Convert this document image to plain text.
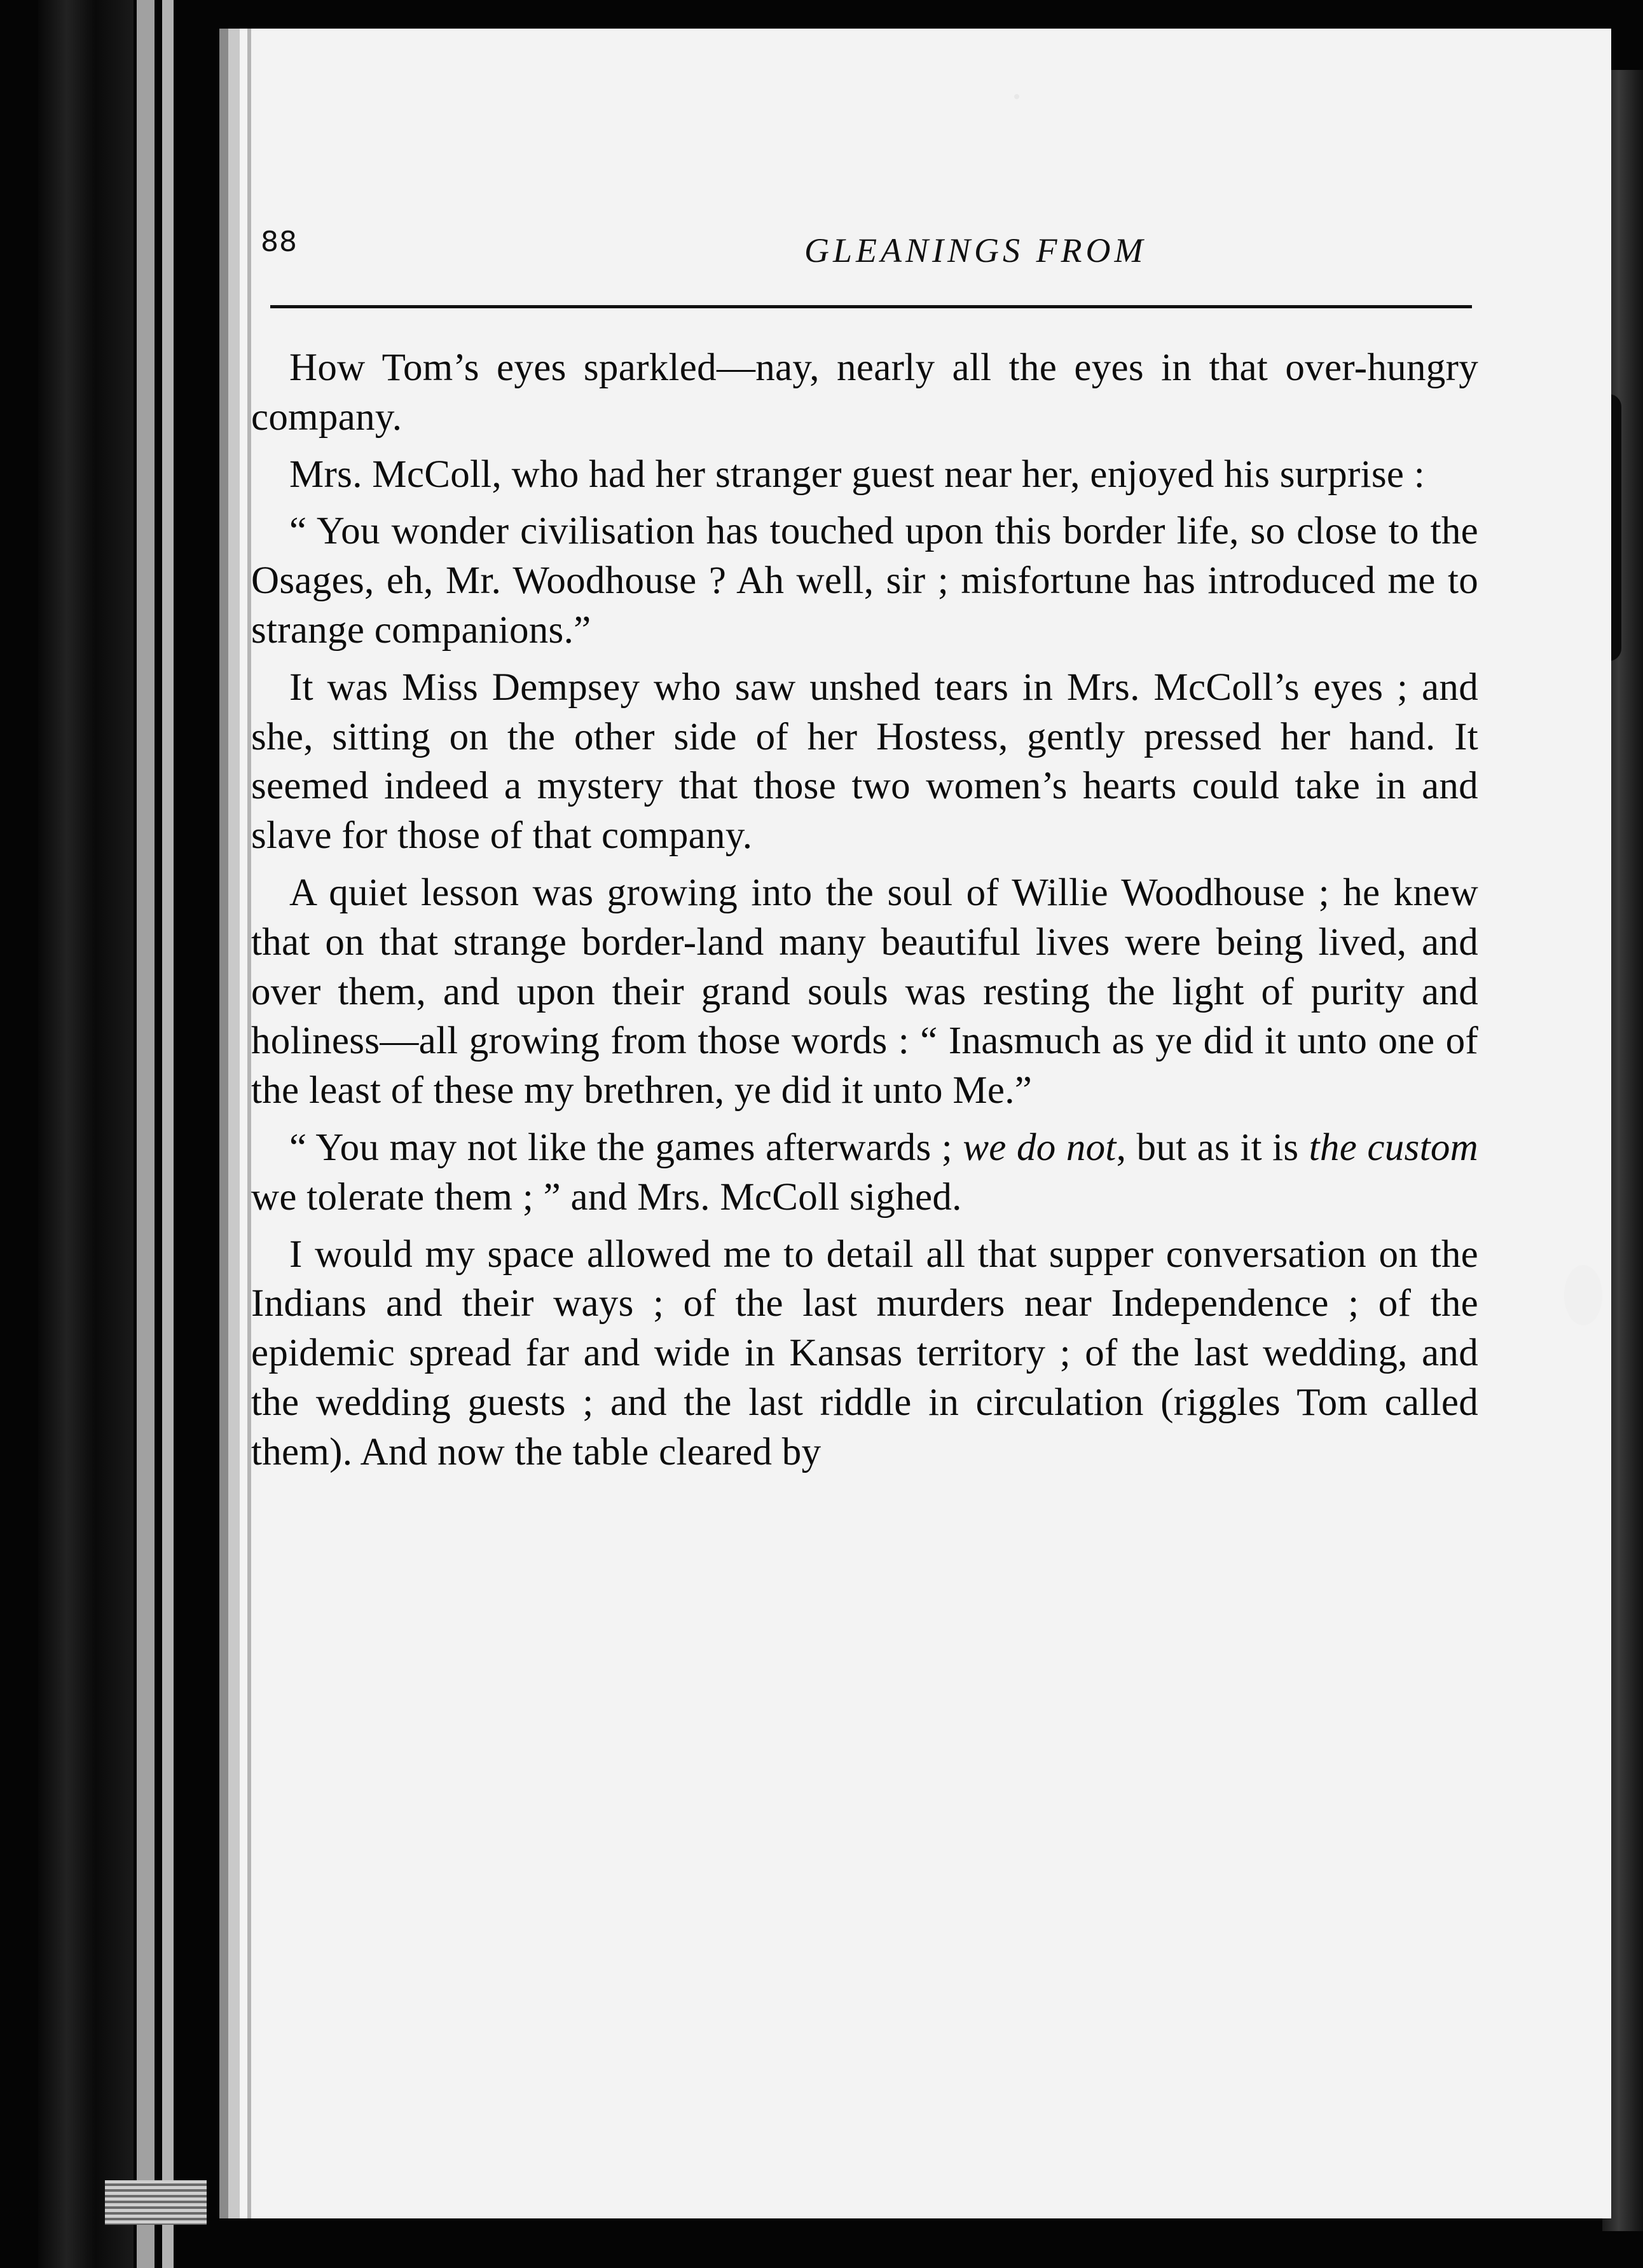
88	GLEANINGS FROM

How Tom’s eyes sparkled—nay, nearly all the eyes in that over-hungry company.

Mrs. McColl, who had her stranger guest near her, enjoyed his surprise :

“ You wonder civilisation has touched upon this border life, so close to the Osages, eh, Mr. Woodhouse ? Ah well, sir ; misfortune has introduced me to strange companions.”

It was Miss Dempsey who saw unshed tears in Mrs. McColl’s eyes ; and she, sitting on the other side of her Hostess, gently pressed her hand. It seemed indeed a mystery that those two women’s hearts could take in and slave for those of that company.

A quiet lesson was growing into the soul of Willie Woodhouse ; he knew that on that strange border-land many beautiful lives were being lived, and over them, and upon their grand souls was resting the light of purity and holiness—all growing from those words : “ Inasmuch as ye did it unto one of the least of these my brethren, ye did it unto Me.”

“ You may not like the games afterwards ; we do not, but as it is the custom we tolerate them ; ” and Mrs. McColl sighed.

I would my space allowed me to detail all that supper conversation on the Indians and their ways ; of the last murders near Independence ; of the epidemic spread far and wide in Kansas territory ; of the last wedding, and the wedding guests ; and the last riddle in circulation (riggles Tom called them). And now the table cleared by
